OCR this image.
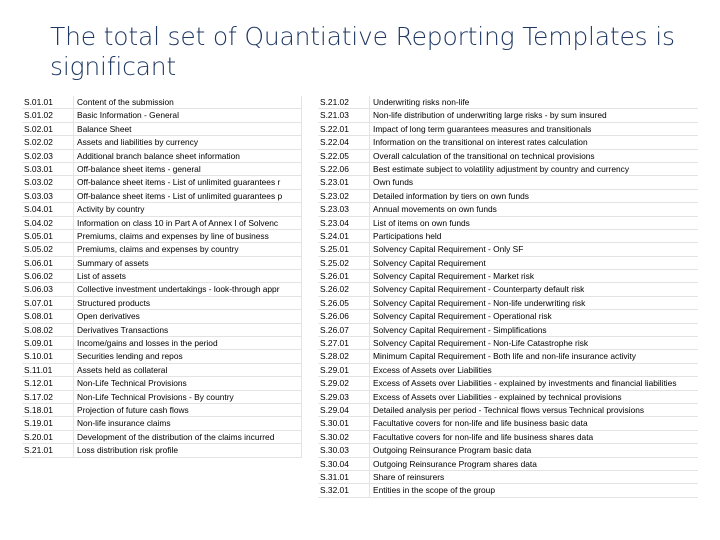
The total set of Quantiative Reporting Templates is significant
S.01.01	Content of the submission
S.01.02	Basic Information - General
S.02.01	Balance Sheet
S.02.02	Assets and liabilities by currency
S.02.03	Additional branch balance sheet information
S.03.01	Off-balance sheet items - general
S.03.02	Off-balance sheet items - List of unlimited guarantees r
S.03.03	Off-balance sheet items - List of unlimited guarantees p
S.04.01	Activity by country
S.04.02	Information on class 10 in Part A of Annex I of Solvenc
S.05.01	Premiums, claims and expenses by line of business
S.05.02	Premiums, claims and expenses by country
S.06.01	Summary of assets
S.06.02	List of assets
S.06.03	Collective investment undertakings - look-through appr
S.07.01	Structured products
S.08.01	Open derivatives
S.08.02	Derivatives Transactions
S.09.01	Income/gains and losses in the period
S.10.01	Securities lending and repos
S.11.01	Assets held as collateral
S.12.01	Non-Life Technical Provisions
S.17.02	Non-Life Technical Provisions - By country
S.18.01	Projection of future cash flows
S.19.01	Non-life insurance claims
S.20.01	Development of the distribution of the claims incurred
S.21.01	Loss distribution risk profile
S.21.02	Underwriting risks non-life
S.21.03	Non-life distribution of underwriting large risks - by sum insured
S.22.01	Impact of long term guarantees measures and transitionals
S.22.04	Information on the transitional on interest rates calculation
S.22.05	Overall calculation of the transitional on technical provisions
S.22.06	Best estimate subject to volatility adjustment by country and currency
S.23.01	Own funds
S.23.02	Detailed information by tiers on own funds
S.23.03	Annual movements on own funds
S.23.04	List of items on own funds
S.24.01	Participations held
S.25.01	Solvency Capital Requirement - Only SF
S.25.02	Solvency Capital Requirement
S.26.01	Solvency Capital Requirement - Market risk
S.26.02	Solvency Capital Requirement - Counterparty default risk
S.26.05	Solvency Capital Requirement - Non-life underwriting risk
S.26.06	Solvency Capital Requirement - Operational risk
S.26.07	Solvency Capital Requirement - Simplifications
S.27.01	Solvency Capital Requirement - Non-Life Catastrophe risk
S.28.02	Minimum Capital Requirement - Both life and non-life insurance activity
S.29.01	Excess of Assets over Liabilities
S.29.02	Excess of Assets over Liabilities - explained by investments and financial liabilities
S.29.03	Excess of Assets over Liabilities - explained by technical provisions
S.29.04	Detailed analysis per period - Technical flows versus Technical provisions
S.30.01	Facultative covers for non-life and life business basic data
S.30.02	Facultative covers for non-life and life business shares data
S.30.03	Outgoing Reinsurance Program basic data
S.30.04	Outgoing Reinsurance Program shares data
S.31.01	Share of reinsurers
S.32.01	Entities in the scope of the group
